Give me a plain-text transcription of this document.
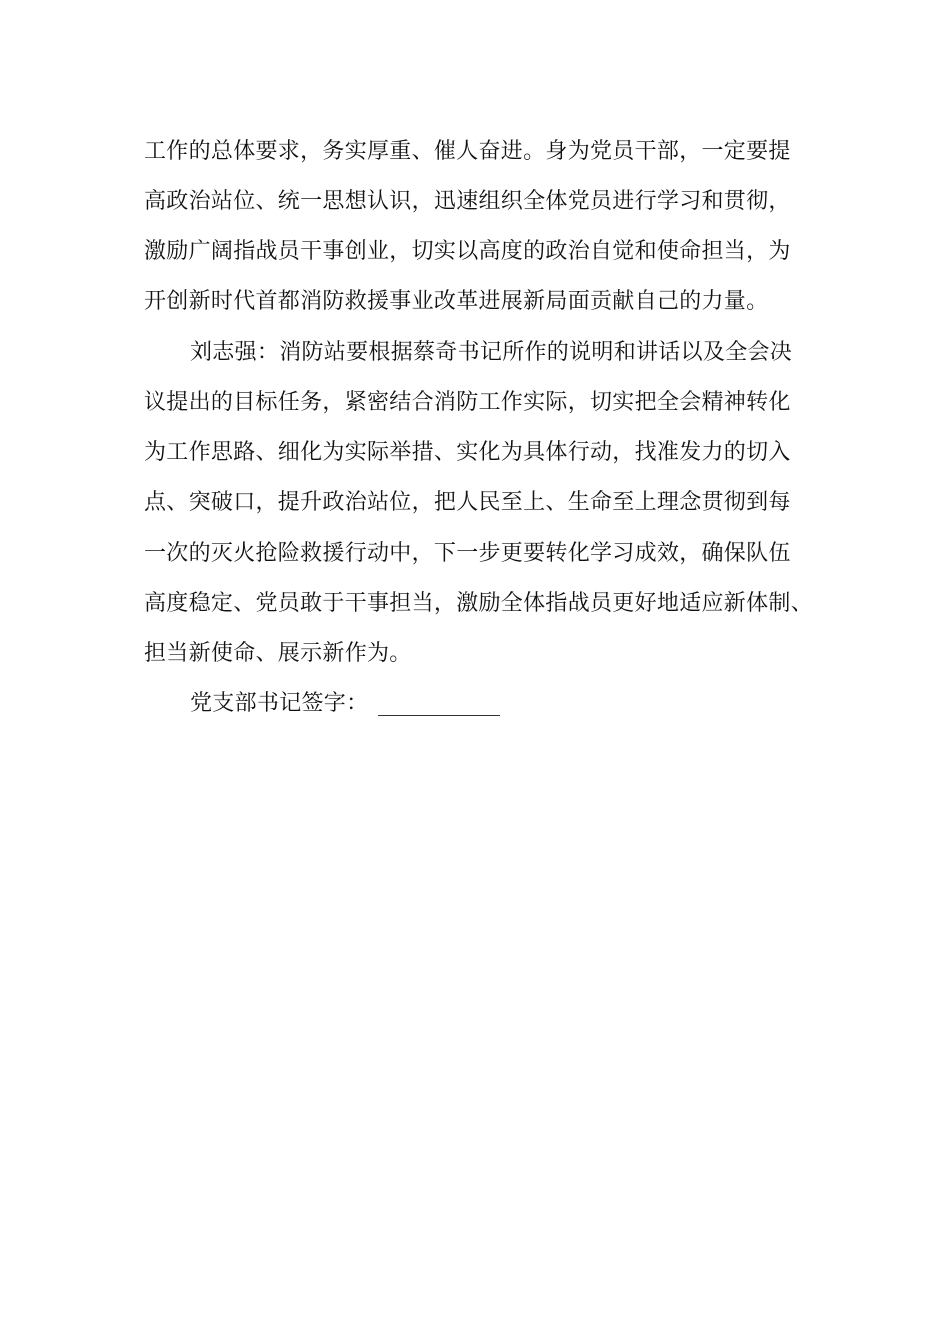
工作的总体要求，务实厚重、催人奋进。身为党员干部，一定要提
高政治站位、统一思想认识，迅速组织全体党员进行学习和贯彻，
激励广阔指战员干事创业，切实以高度的政治自觉和使命担当，为
开创新时代首都消防救援事业改革进展新局面贡献自己的力量。
刘志强：消防站要根据蔡奇书记所作的说明和讲话以及全会决
议提出的目标任务，紧密结合消防工作实际，切实把全会精神转化
为工作思路、细化为实际举措、实化为具体行动，找准发力的切入
点、突破口，提升政治站位，把人民至上、生命至上理念贯彻到每
一次的灭火抢险救援行动中，下一步更要转化学习成效，确保队伍
高度稳定、党员敢于干事担当，激励全体指战员更好地适应新体制、
担当新使命、展示新作为。
党支部书记签字：
